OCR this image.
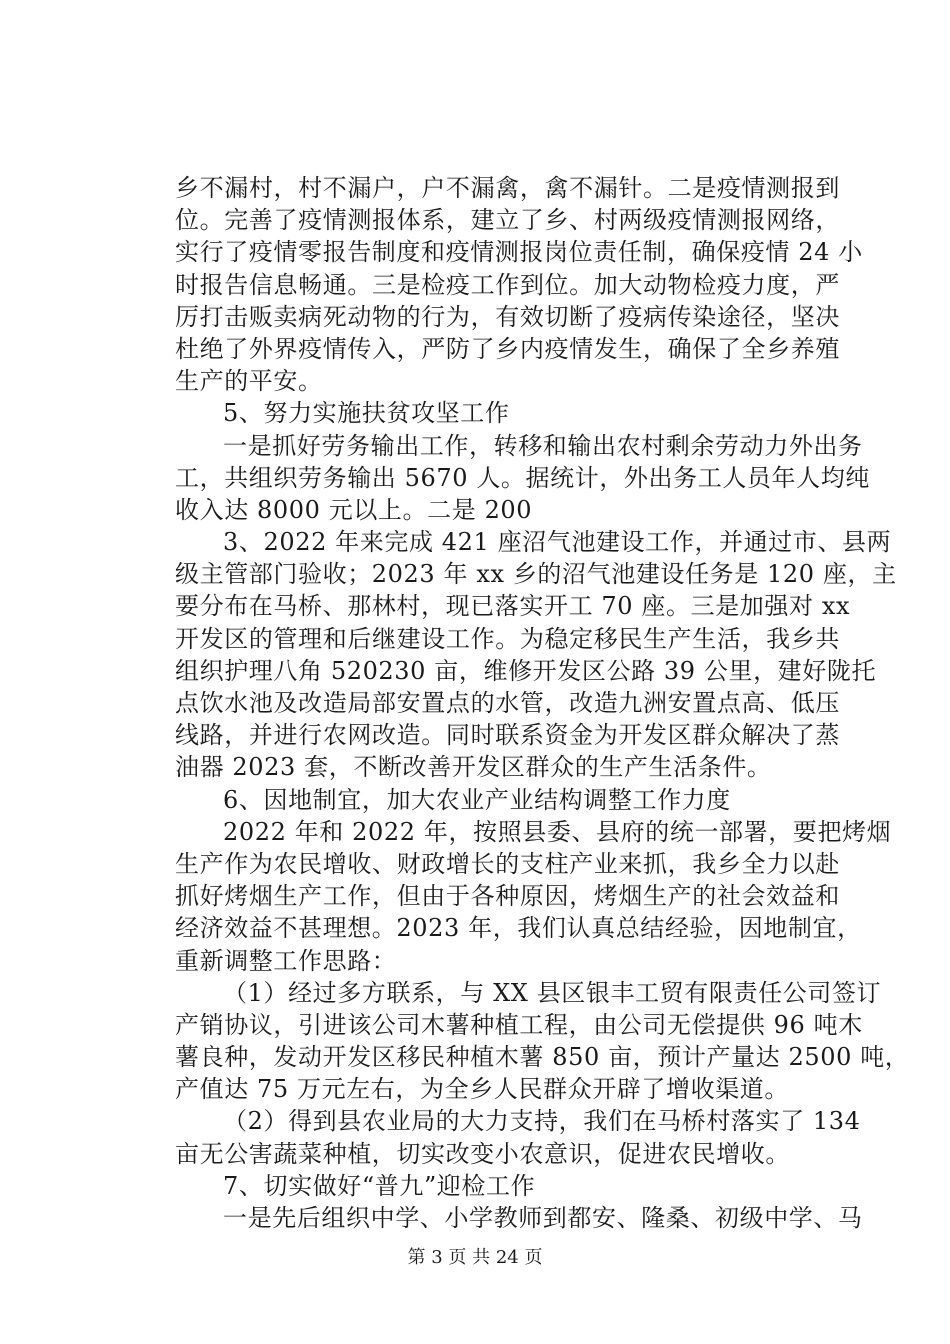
乡不漏村，村不漏户，户不漏禽，禽不漏针。二是疫情测报到
位。完善了疫情测报体系，建立了乡、村两级疫情测报网络，
实行了疫情零报告制度和疫情测报岗位责任制，确保疫情 24 小
时报告信息畅通。三是检疫工作到位。加大动物检疫力度，严
厉打击贩卖病死动物的行为，有效切断了疫病传染途径，坚决
杜绝了外界疫情传入，严防了乡内疫情发生，确保了全乡养殖
生产的平安。
5、努力实施扶贫攻坚工作
一是抓好劳务输出工作，转移和输出农村剩余劳动力外出务
工，共组织劳务输出 5670 人。据统计，外出务工人员年人均纯
收入达 8000 元以上。二是 200
3、2022 年来完成 421 座沼气池建设工作，并通过市、县两
级主管部门验收；2023 年 xx 乡的沼气池建设任务是 120 座，主
要分布在马桥、那林村，现已落实开工 70 座。三是加强对 xx
开发区的管理和后继建设工作。为稳定移民生产生活，我乡共
组织护理八角 520230 亩，维修开发区公路 39 公里，建好陇托
点饮水池及改造局部安置点的水管，改造九洲安置点高、低压
线路，并进行农网改造。同时联系资金为开发区群众解决了蒸
油器 2023 套，不断改善开发区群众的生产生活条件。
6、因地制宜，加大农业产业结构调整工作力度
2022 年和 2022 年，按照县委、县府的统一部署，要把烤烟
生产作为农民增收、财政增长的支柱产业来抓，我乡全力以赴
抓好烤烟生产工作，但由于各种原因，烤烟生产的社会效益和
经济效益不甚理想。2023 年，我们认真总结经验，因地制宜，
重新调整工作思路：
（1）经过多方联系，与 XX 县区银丰工贸有限责任公司签订
产销协议，引进该公司木薯种植工程，由公司无偿提供 96 吨木
薯良种，发动开发区移民种植木薯 850 亩，预计产量达 2500 吨，
产值达 75 万元左右，为全乡人民群众开辟了增收渠道。
（2）得到县农业局的大力支持，我们在马桥村落实了 134
亩无公害蔬菜种植，切实改变小农意识，促进农民增收。
7、切实做好“普九”迎检工作
一是先后组织中学、小学教师到都安、隆桑、初级中学、马
第 3 页 共 24 页
